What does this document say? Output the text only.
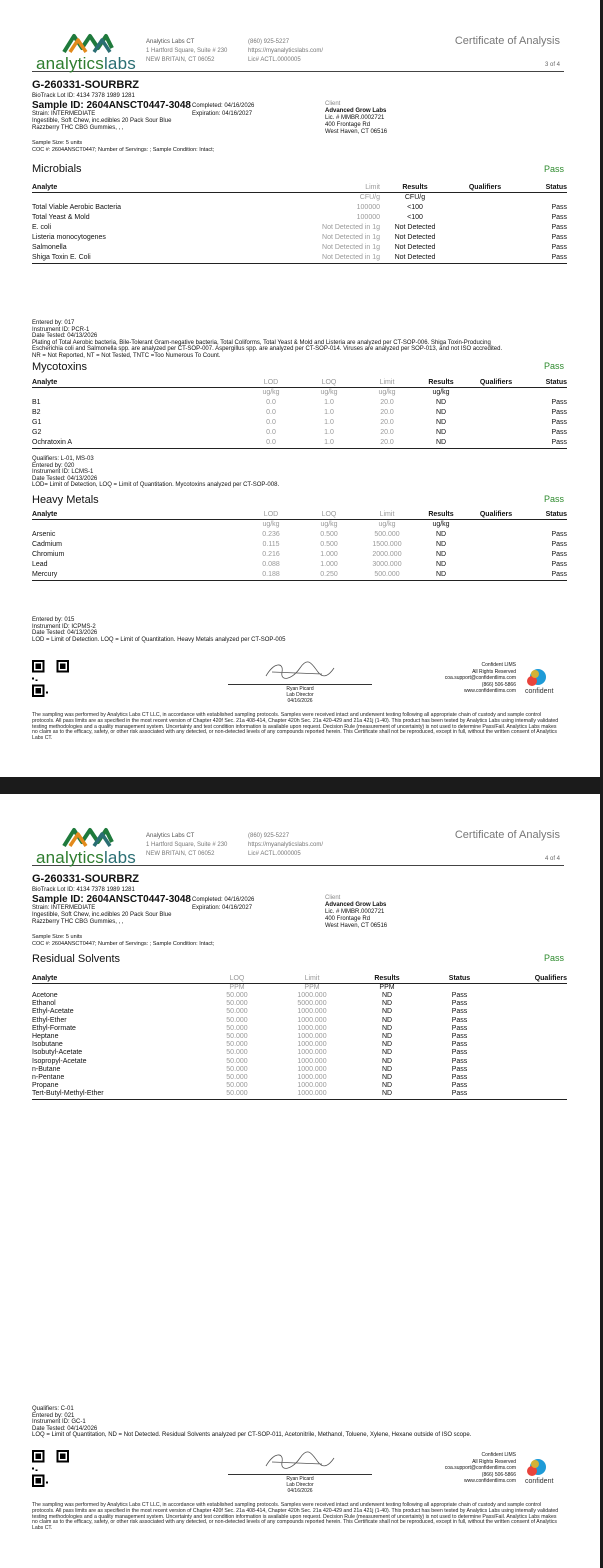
analyticslabs
Analytics Labs CT
1 Hartford Square, Suite # 230
NEW BRITAIN, CT 06052
(860) 925-5227
https://myanalyticslabs.com/
Lic# ACTL.0000005
Certificate of Analysis
3 of 4
G-260331-SOURBRZ
BioTrack Lot ID: 4134 7378 1989 1281
Sample ID: 2604ANSCT0447-3048 Completed: 04/16/2026
Expiration: 04/16/2027
Strain: INTERMEDIATE
Ingestible, Soft Chew, inc.edibles 20 Pack Sour Blue
Razzberry THC CBG Gummies, , ,
Client
Advanced Grow Labs
Lic. # MMBR.0002721
400 Frontage Rd
West Haven, CT 06516
Sample Size: 5 units
COC #: 2604ANSCT0447; Number of Servings: ; Sample Condition: Intact;
Microbials	Pass
Analyte	Limit	Results	Qualifiers	Status
	CFU/g	CFU/g		
Total Viable Aerobic Bacteria	100000	<100		Pass
Total Yeast & Mold	100000	<100		Pass
E. coli	Not Detected in 1g	Not Detected		Pass
Listeria monocytogenes	Not Detected in 1g	Not Detected		Pass
Salmonella	Not Detected in 1g	Not Detected		Pass
Shiga Toxin E. Coli	Not Detected in 1g	Not Detected		Pass
Entered by: 017
Instrument ID: PCR-1
Date Tested: 04/13/2026
Plating of Total Aerobic bacteria, Bile-Tolerant Gram-negative bacteria, Total Coliforms, Total Yeast & Mold and Listeria are analyzed per CT-SOP-006. Shiga Toxin-Producing
Escherichia coli and Salmonella spp. are analyzed per CT-SOP-007. Aspergillus spp. are analyzed per CT-SOP-014. Viruses are analyzed per SOP-013, and not ISO accredited.
NR = Not Reported, NT = Not Tested, TNTC =Too Numerous To Count.
Mycotoxins	Pass
Analyte	LOD	LOQ	Limit	Results	Qualifiers	Status
	ug/kg	ug/kg	ug/kg	ug/kg		
B1	0.0	1.0	20.0	ND		Pass
B2	0.0	1.0	20.0	ND		Pass
G1	0.0	1.0	20.0	ND		Pass
G2	0.0	1.0	20.0	ND		Pass
Ochratoxin A	0.0	1.0	20.0	ND		Pass
Qualifiers: L-01, MS-03
Entered by: 020
Instrument ID: LCMS-1
Date Tested: 04/13/2026
LOD= Limit of Detection, LOQ = Limit of Quantitation. Mycotoxins analyzed per CT-SOP-008.
Heavy Metals	Pass
Analyte	LOD	LOQ	Limit	Results	Qualifiers	Status
	ug/kg	ug/kg	ug/kg	ug/kg		
Arsenic	0.236	0.500	500.000	ND		Pass
Cadmium	0.115	0.500	1500.000	ND		Pass
Chromium	0.216	1.000	2000.000	ND		Pass
Lead	0.088	1.000	3000.000	ND		Pass
Mercury	0.188	0.250	500.000	ND		Pass
Entered by: 015
Instrument ID: ICPMS-2
Date Tested: 04/13/2026
LOD = Limit of Detection. LOQ = Limit of Quantitation. Heavy Metals analyzed per CT-SOP-005
Ryan Picard
Lab Director
04/16/2026
Confident LIMS
All Rights Reserved
coa.support@confidentlims.com
(866) 506-5866
www.confidentlims.com confident
The sampling was performed by Analytics Labs CT LLC, in accordance with established sampling protocols. Samples were received intact and underwent testing following all appropriate chain of custody and sample control protocols. All pass limits are as specified in the most recent version of Chapter 420f Sec. 21a 408-414, Chapter 420h Sec. 21a 420-429 and 21a 421j (1-40). This product has been tested by Analytics Labs using internally validated testing methodologies and a quality management system. Uncertainty and test condition information is available upon request. Decision Rule (measurement of uncertainty) is not used to determine Pass/Fail. Analytics Labs makes no claim as to the efficacy, safety, or other risk associated with any detected, or non-detected levels of any compounds reported herein. This Certificate shall not be reproduced, except in full, without the written consent of Analytics Labs CT.
analyticslabs
Analytics Labs CT
1 Hartford Square, Suite # 230
NEW BRITAIN, CT 06052
(860) 925-5227
https://myanalyticslabs.com/
Lic# ACTL.0000005
Certificate of Analysis
4 of 4
G-260331-SOURBRZ
BioTrack Lot ID: 4134 7378 1989 1281
Sample ID: 2604ANSCT0447-3048 Completed: 04/16/2026
Expiration: 04/16/2027
Strain: INTERMEDIATE
Ingestible, Soft Chew, inc.edibles 20 Pack Sour Blue
Razzberry THC CBG Gummies, , ,
Client
Advanced Grow Labs
Lic. # MMBR.0002721
400 Frontage Rd
West Haven, CT 06516
Sample Size: 5 units
COC #: 2604ANSCT0447; Number of Servings: ; Sample Condition: Intact;
Residual Solvents	Pass
Analyte	LOQ	Limit	Results	Status	Qualifiers
	PPM	PPM	PPM		
Acetone	50.000	1000.000	ND	Pass	
Ethanol	50.000	5000.000	ND	Pass	
Ethyl-Acetate	50.000	1000.000	ND	Pass	
Ethyl-Ether	50.000	1000.000	ND	Pass	
Ethyl-Formate	50.000	1000.000	ND	Pass	
Heptane	50.000	1000.000	ND	Pass	
Isobutane	50.000	1000.000	ND	Pass	
Isobutyl-Acetate	50.000	1000.000	ND	Pass	
Isopropyl-Acetate	50.000	1000.000	ND	Pass	
n-Butane	50.000	1000.000	ND	Pass	
n-Pentane	50.000	1000.000	ND	Pass	
Propane	50.000	1000.000	ND	Pass	
Tert-Butyl-Methyl-Ether	50.000	1000.000	ND	Pass	
Qualifiers: C-01
Entered by: 021
Instrument ID: GC-1
Date Tested: 04/14/2026
LOQ = Limit of Quantitation, ND = Not Detected. Residual Solvents analyzed per CT-SOP-011, Acetonitrile, Methanol, Toluene, Xylene, Hexane outside of ISO scope.
Ryan Picard
Lab Director
04/16/2026
Confident LIMS
All Rights Reserved
coa.support@confidentlims.com
(866) 506-5866
www.confidentlims.com confident
The sampling was performed by Analytics Labs CT LLC, in accordance with established sampling protocols. Samples were received intact and underwent testing following all appropriate chain of custody and sample control protocols. All pass limits are as specified in the most recent version of Chapter 420f Sec. 21a 408-414, Chapter 420h Sec. 21a 420-429 and 21a 421j (1-40). This product has been tested by Analytics Labs using internally validated testing methodologies and a quality management system. Uncertainty and test condition information is available upon request. Decision Rule (measurement of uncertainty) is not used to determine Pass/Fail. Analytics Labs makes no claim as to the efficacy, safety, or other risk associated with any detected, or non-detected levels of any compounds reported herein. This Certificate shall not be reproduced, except in full, without the written consent of Analytics Labs CT.
